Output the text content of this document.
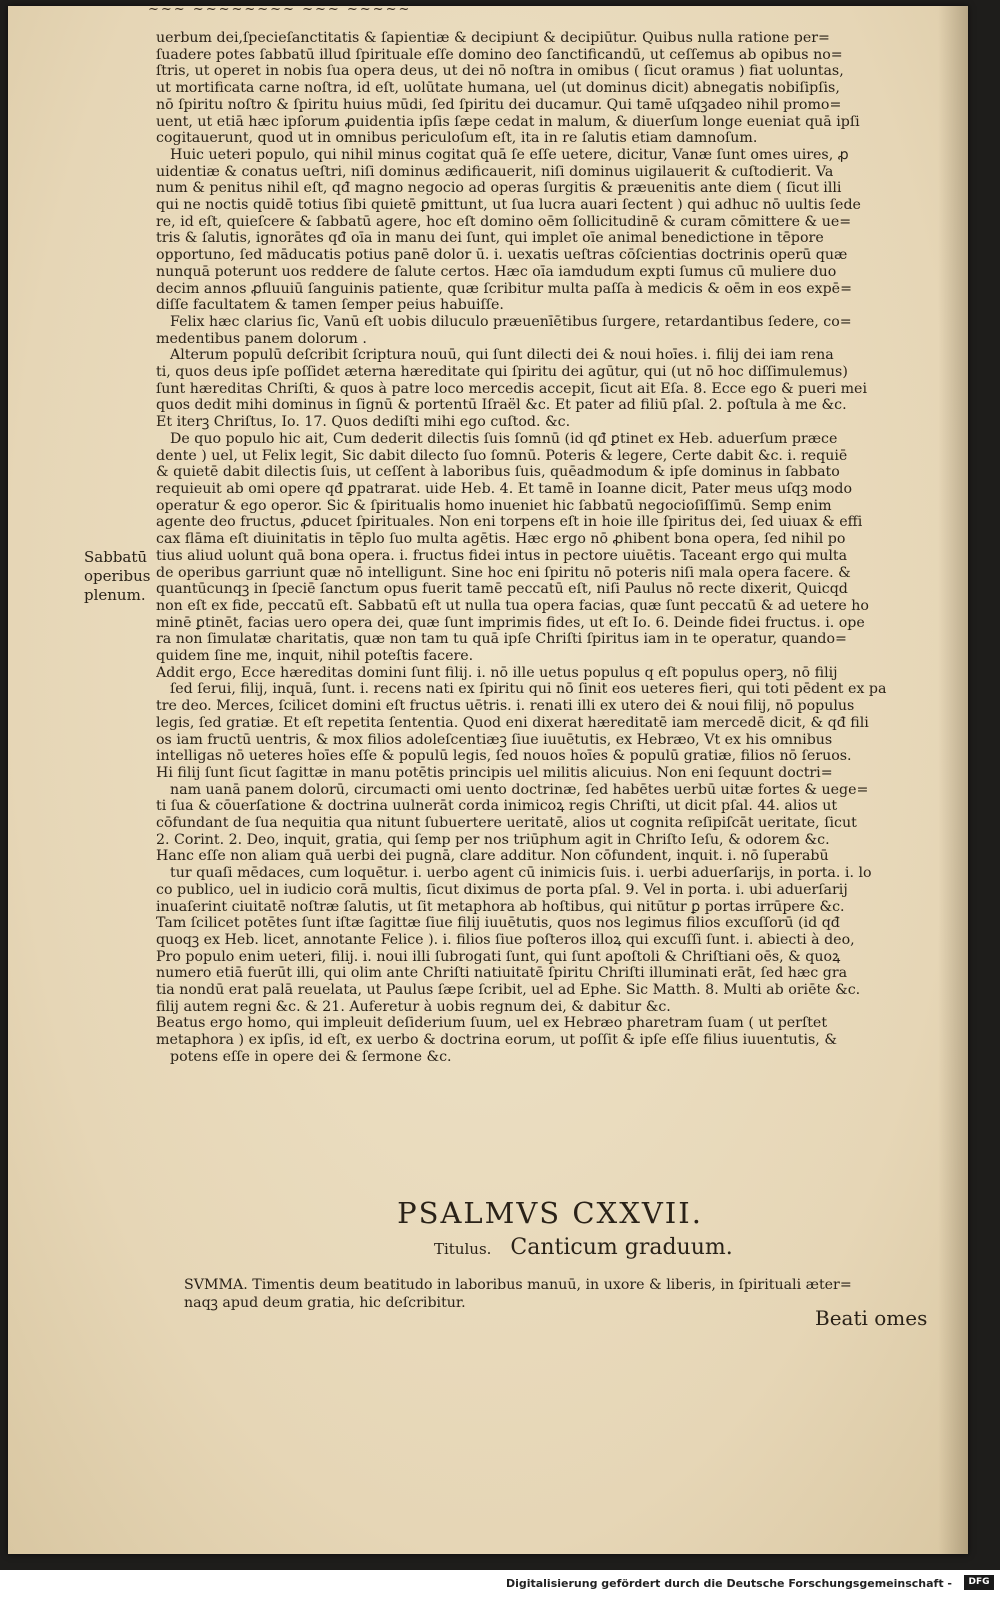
~~~ ~~~~~~~~ ~~~ ~~~~~
uerbum dei,ſpecieſanctitatis & ſapientiæ & decipiunt & decipiūtur. Quibus nulla ratione per=
ſuadere potes ſabbatū illud ſpirituale eſſe domino deo ſanctificandū, ut ceſſemus ab opibus no=
ſtris, ut operet in nobis ſua opera deus, ut dei nō noſtra in omibus ( ſicut oramus ) fiat uoluntas,
ut mortificata carne noſtra, id eſt, uolūtate humana, uel (ut dominus dicit) abnegatis nobiſipſis,
nō ſpiritu noſtro & ſpiritu huius mūdi, ſed ſpiritu dei ducamur. Qui tamē uſqꝫadeo nihil promo=
uent, ut etiā hæc ipſorum ꝓuidentia ipſis ſæpe cedat in malum, & diuerſum longe eueniat quā ipſi
cogitauerunt, quod ut in omnibus periculoſum eſt, ita in re ſalutis etiam damnoſum.
Huic ueteri populo, qui nihil minus cogitat quā ſe eſſe uetere, dicitur, Vanæ ſunt omes uires, ꝓ
uidentiæ & conatus ueſtri, niſi dominus ædificauerit, niſi dominus uigilauerit & cuſtodierit. Va
num & penitus nihil eſt, qđ magno negocio ad operas ſurgitis & præuenitis ante diem ( ſicut illi
qui ne noctis quidē totius ſibi quietē ꝑmittunt, ut ſua lucra auari ſectent ) qui adhuc nō uultis ſede
re, id eſt, quieſcere & ſabbatū agere, hoc eſt domino oēm ſollicitudinē & curam cōmittere & ue=
tris & ſalutis, ignorātes qđ oīa in manu dei ſunt, qui implet oīe animal benedictione in tēpore
opportuno, ſed māducatis potius panē dolor ū. i. uexatis ueſtras cōſcientias doctrinis operū quæ
nunquā poterunt uos reddere de ſalute certos. Hæc oīa iamdudum expti ſumus cū muliere duo
decim annos ꝓfluuiū ſanguinis patiente, quæ ſcribitur multa paſſa à medicis & oēm in eos expē=
diſſe facultatem & tamen ſemper peius habuiſſe.
Felix hæc clarius ſic, Vanū eſt uobis diluculo præuenīētibus ſurgere, retardantibus ſedere, co=
medentibus panem dolorum .
Alterum populū deſcribit ſcriptura nouū, qui ſunt dilecti dei & noui hoīes. i. filij dei iam rena
ti, quos deus ipſe poſſidet æterna hæreditate qui ſpiritu dei agūtur, qui (ut nō hoc diſſimulemus)
ſunt hæreditas Chriſti, & quos à patre loco mercedis accepit, ſicut ait Eſa. 8. Ecce ego & pueri mei
quos dedit mihi dominus in ſignū & portentū Iſraël &c. Et pater ad filiū pſal. 2. poſtula à me &c.
Et iterꝫ Chriſtus, Io. 17. Quos dediſti mihi ego cuſtod. &c.
De quo populo hic ait, Cum dederit dilectis ſuis ſomnū (id qđ ꝑtinet ex Heb. aduerſum præce
dente ) uel, ut Felix legit, Sic dabit dilecto ſuo ſomnū. Poteris & legere, Certe dabit &c. i. requiē
& quietē dabit dilectis ſuis, ut ceſſent à laboribus ſuis, quēadmodum & ipſe dominus in ſabbato
requieuit ab omi opere qđ ꝑpatrarat. uide Heb. 4. Et tamē in Ioanne dicit, Pater meus uſqꝫ modo
operatur & ego operor. Sic & ſpiritualis homo inueniet hic ſabbatū negocioſiſſimū. Semp enim
agente deo fructus, ꝓducet ſpirituales. Non eni torpens eſt in hoie ille ſpiritus dei, ſed uiuax & effi
cax flāma eſt diuinitatis in tēplo ſuo multa agētis. Hæc ergo nō ꝓhibent bona opera, ſed nihil po
tius aliud uolunt quā bona opera. i. fructus fidei intus in pectore uiuētis. Taceant ergo qui multa
de operibus garriunt quæ nō intelligunt. Sine hoc eni ſpiritu nō poteris niſi mala opera facere. &
quantūcunqꝫ in ſpeciē ſanctum opus fuerit tamē peccatū eſt, niſi Paulus nō recte dixerit, Quicqd
non eſt ex fide, peccatū eſt. Sabbatū eſt ut nulla tua opera facias, quæ ſunt peccatū & ad uetere ho
minē ꝑtinēt, facias uero opera dei, quæ ſunt imprimis fides, ut eſt Io. 6. Deinde fidei fructus. i. ope
ra non ſimulatæ charitatis, quæ non tam tu quā ipſe Chriſti ſpiritus iam in te operatur, quando=
quidem ſine me, inquit, nihil poteſtis facere.
Addit ergo, Ecce hæreditas domini ſunt filij. i. nō ille uetus populus q eſt populus operꝫ, nō filij
ſed ſerui, filij, inquā, ſunt. i. recens nati ex ſpiritu qui nō ſinit eos ueteres fieri, qui toti pēdent ex pa
tre deo. Merces, ſcilicet domini eſt fructus uētris. i. renati illi ex utero dei & noui filij, nō populus
legis, ſed gratiæ. Et eſt repetita ſententia. Quod eni dixerat hæreditatē iam mercedē dicit, & qđ fili
os iam fructū uentris, & mox filios adoleſcentiæꝫ ſiue iuuētutis, ex Hebræo, Vt ex his omnibus
intelligas nō ueteres hoīes eſſe & populū legis, ſed nouos hoīes & populū gratiæ, filios nō ſeruos.
Hi filij ſunt ſicut ſagittæ in manu potētis principis uel militis alicuius. Non eni ſequunt doctri=
nam uanā panem dolorū, circumacti omi uento doctrinæ, ſed habētes uerbū uitæ fortes & uege=
ti ſua & cōuerſatione & doctrina uulnerāt corda inimicoꝝ regis Chriſti, ut dicit pſal. 44. alios ut
cōfundant de ſua nequitia qua nitunt ſubuertere ueritatē, alios ut cognita reſipiſcāt ueritate, ſicut
2. Corint. 2. Deo, inquit, gratia, qui ſemp per nos triūphum agit in Chriſto Ieſu, & odorem &c.
Hanc eſſe non aliam quā uerbi dei pugnā, clare additur. Non cōfundent, inquit. i. nō ſuperabū
tur quaſi mēdaces, cum loquētur. i. uerbo agent cū inimicis ſuis. i. uerbi aduerſarijs, in porta. i. lo
co publico, uel in iudicio corā multis, ſicut diximus de porta pſal. 9. Vel in porta. i. ubi aduerſarij
inuaſerint ciuitatē noſtræ ſalutis, ut ſit metaphora ab hoſtibus, qui nitūtur ꝑ portas irrūpere &c.
Tam ſcilicet potētes ſunt iſtæ ſagittæ ſiue filij iuuētutis, quos nos legimus filios excuſſorū (id qđ
quoqꝫ ex Heb. licet, annotante Felice ). i. filios ſiue poſteros illoꝝ qui excuſſi ſunt. i. abiecti à deo,
Pro populo enim ueteri, filij. i. noui illi ſubrogati ſunt, qui ſunt apoſtoli & Chriſtiani oēs, & quoꝝ
numero etiā fuerūt illi, qui olim ante Chriſti natiuitatē ſpiritu Chriſti illuminati erāt, ſed hæc gra
tia nondū erat palā reuelata, ut Paulus ſæpe ſcribit, uel ad Ephe. Sic Matth. 8. Multi ab oriēte &c.
filij autem regni &c. & 21. Auferetur à uobis regnum dei, & dabitur &c.
Beatus ergo homo, qui impleuit deſiderium ſuum, uel ex Hebræo pharetram ſuam ( ut perſtet
metaphora ) ex ipſis, id eſt, ex uerbo & doctrina eorum, ut poſſit & ipſe eſſe filius iuuentutis, &
potens eſſe in opere dei & ſermone &c.
Sabbatū
operibus
plenum.
PSALMVS CXXVII.
Titulus. Canticum graduum.
SVMMA. Timentis deum beatitudo in laboribus manuū, in uxore & liberis, in ſpirituali æter=
naqꝫ apud deum gratia, hic deſcribitur.
Beati omes
Digitalisierung gefördert durch die Deutsche Forschungsgemeinschaft -	DFG
